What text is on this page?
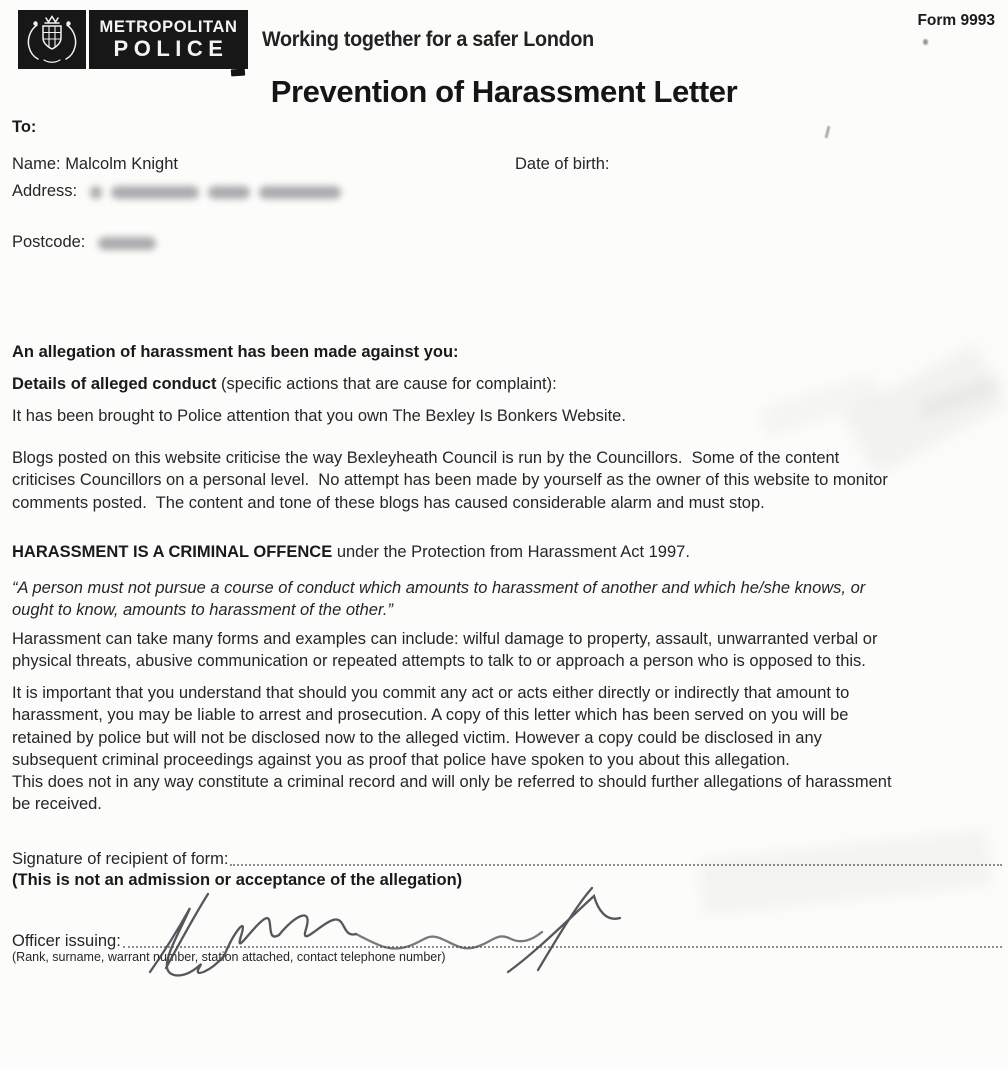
METROPOLITAN
POLICE Working together for a safer London
Form 9993
Prevention of Harassment Letter
To:
Name: Malcolm Knight	Date of birth:
Address:
Postcode:
An allegation of harassment has been made against you:
Details of alleged conduct (specific actions that are cause for complaint):
It has been brought to Police attention that you own The Bexley Is Bonkers Website.
Blogs posted on this website criticise the way Bexleyheath Council is run by the Councillors.  Some of the content
criticises Councillors on a personal level.  No attempt has been made by yourself as the owner of this website to monitor
comments posted.  The content and tone of these blogs has caused considerable alarm and must stop.
HARASSMENT IS A CRIMINAL OFFENCE under the Protection from Harassment Act 1997.
“A person must not pursue a course of conduct which amounts to harassment of another and which he/she knows, or
ought to know, amounts to harassment of the other.”
Harassment can take many forms and examples can include: wilful damage to property, assault, unwarranted verbal or
physical threats, abusive communication or repeated attempts to talk to or approach a person who is opposed to this.
It is important that you understand that should you commit any act or acts either directly or indirectly that amount to
harassment, you may be liable to arrest and prosecution. A copy of this letter which has been served on you will be
retained by police but will not be disclosed now to the alleged victim. However a copy could be disclosed in any
subsequent criminal proceedings against you as proof that police have spoken to you about this allegation.
This does not in any way constitute a criminal record and will only be referred to should further allegations of harassment
be received.
Signature of recipient of form:
(This is not an admission or acceptance of the allegation)
Officer issuing:
(Rank, surname, warrant number, station attached, contact telephone number)
